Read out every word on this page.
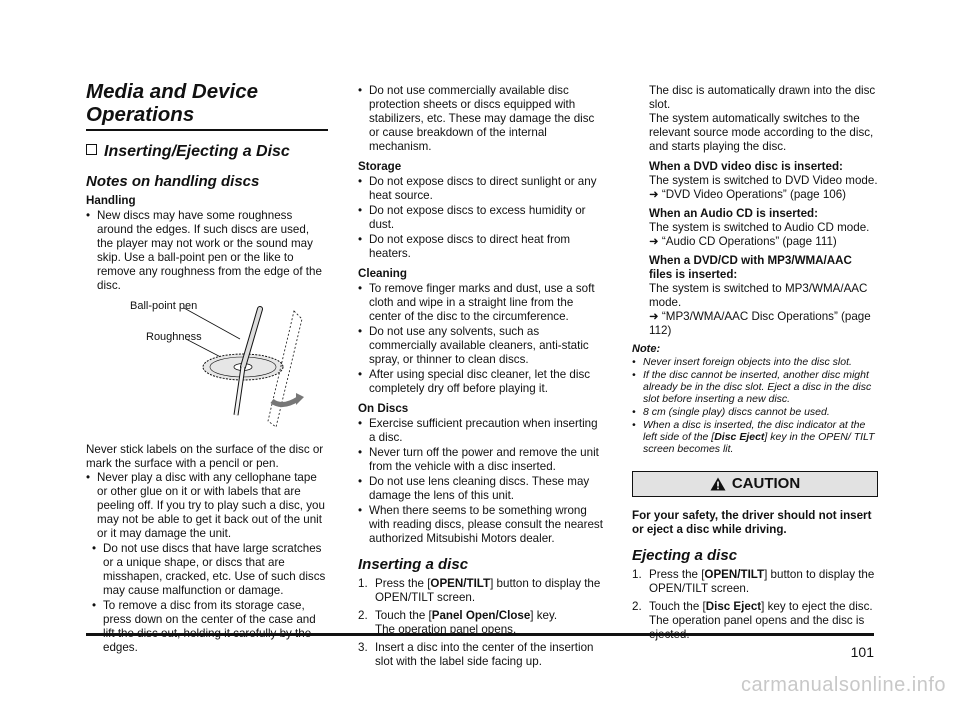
Media and Device
Operations

Inserting/Ejecting a Disc

Notes on handling discs

Handling

• New discs may have some roughness around the edges. If such discs are used, the player may not work or the sound may skip. Use a ball-point pen or the like to remove any roughness from the edge of the disc.
Ball-point pen
Roughness

Never stick labels on the surface of the disc or mark the surface with a pencil or pen.

• Never play a disc with any cellophane tape or other glue on it or with labels that are peeling off. If you try to play such a disc, you may not be able to get it back out of the unit or it may damage the unit.
• Do not use discs that have large scratches or a unique shape, or discs that are misshapen, cracked, etc. Use of such discs may cause malfunction or damage.
• To remove a disc from its storage case, press down on the center of the case and lift the disc out, holding it carefully by the edges.
• Do not use commercially available disc protection sheets or discs equipped with stabilizers, etc. These may damage the disc or cause breakdown of the internal mechanism.

Storage

• Do not expose discs to direct sunlight or any heat source.
• Do not expose discs to excess humidity or dust.
• Do not expose discs to direct heat from heaters.

Cleaning

• To remove finger marks and dust, use a soft cloth and wipe in a straight line from the center of the disc to the circumference.
• Do not use any solvents, such as commercially available cleaners, anti-static spray, or thinner to clean discs.
• After using special disc cleaner, let the disc completely dry off before playing it.

On Discs

• Exercise sufficient precaution when inserting a disc.
• Never turn off the power and remove the unit from the vehicle with a disc inserted.
• Do not use lens cleaning discs. These may damage the lens of this unit.
• When there seems to be something wrong with reading discs, please consult the nearest authorized Mitsubishi Motors dealer.

Inserting a disc

1. Press the [OPEN/TILT] button to display the OPEN/TILT screen.
2. Touch the [Panel Open/Close] key.
The operation panel opens.
3. Insert a disc into the center of the insertion slot with the label side facing up.

The disc is automatically drawn into the disc slot.

The system automatically switches to the relevant source mode according to the disc, and starts playing the disc.

When a DVD video disc is inserted:

The system is switched to DVD Video mode.

➜ “DVD Video Operations” (page 106)

When an Audio CD is inserted:

The system is switched to Audio CD mode.

➜ “Audio CD Operations” (page 111)

When a DVD/CD with MP3/WMA/AAC files is inserted:

The system is switched to MP3/WMA/AAC mode.

➜ “MP3/WMA/AAC Disc Operations” (page 112)

Note:

• Never insert foreign objects into the disc slot.
• If the disc cannot be inserted, another disc might already be in the disc slot. Eject a disc in the disc slot before inserting a new disc.
• 8 cm (single play) discs cannot be used.
• When a disc is inserted, the disc indicator at the left side of the [Disc Eject] key in the OPEN/ TILT screen becomes lit.
CAUTION

For your safety, the driver should not insert or eject a disc while driving.

Ejecting a disc

1. Press the [OPEN/TILT] button to display the OPEN/TILT screen.
2. Touch the [Disc Eject] key to eject the disc.
The operation panel opens and the disc is ejected.
101
carmanualsonline.info
